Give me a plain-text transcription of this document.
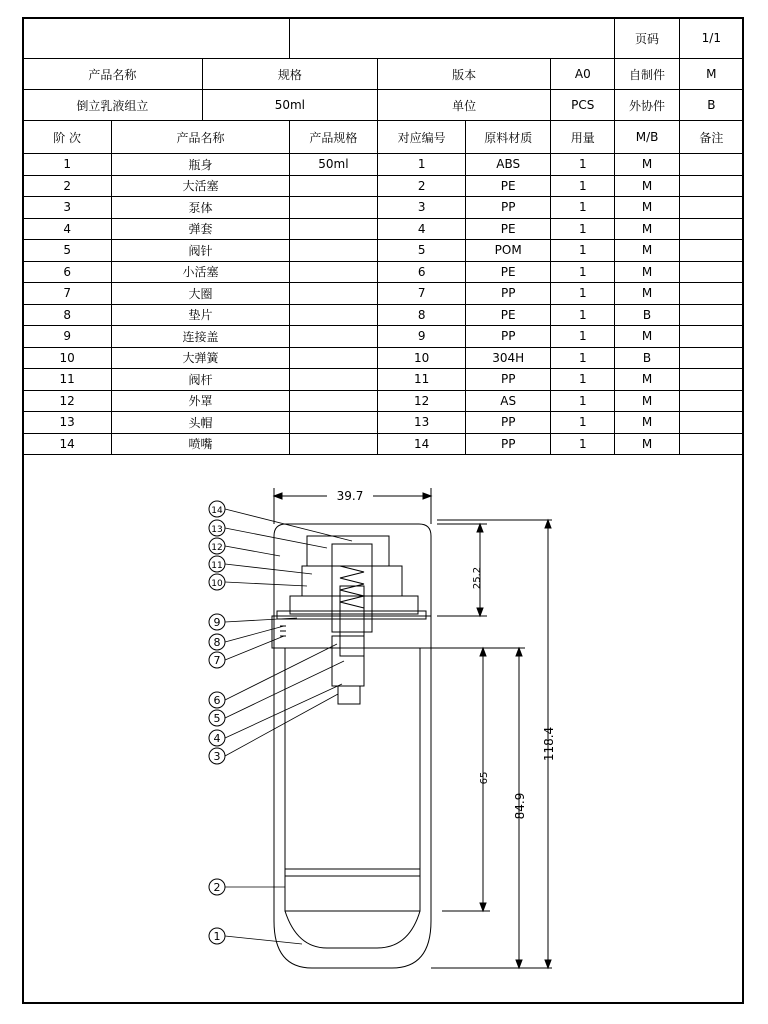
							页码	1/1
产品名称		规格		版本		A0	自制件	M
倒立乳液组立		50ml		单位		PCS	外协件	B
阶 次	产品名称		产品规格	对应编号	原料材质	用量	M/B	备注
1	瓶身		50ml	1	ABS	1	M	
2	大活塞			2	PE	1	M	
3	泵体			3	PP	1	M	
4	弹套			4	PE	1	M	
5	阀针			5	POM	1	M	
6	小活塞			6	PE	1	M	
7	大圈			7	PP	1	M	
8	垫片			8	PE	1	B	
9	连接盖			9	PP	1	M	
10	大弹簧			10	304H	1	B	
11	阀杆			11	PP	1	M	
12	外罩			12	AS	1	M	
13	头帽			13	PP	1	M	
14	喷嘴			14	PP	1	M	
39.7
25.2
118.4
84.9
65
1
2
3
4
5
6
7
8
9
10
11
12
13
14
